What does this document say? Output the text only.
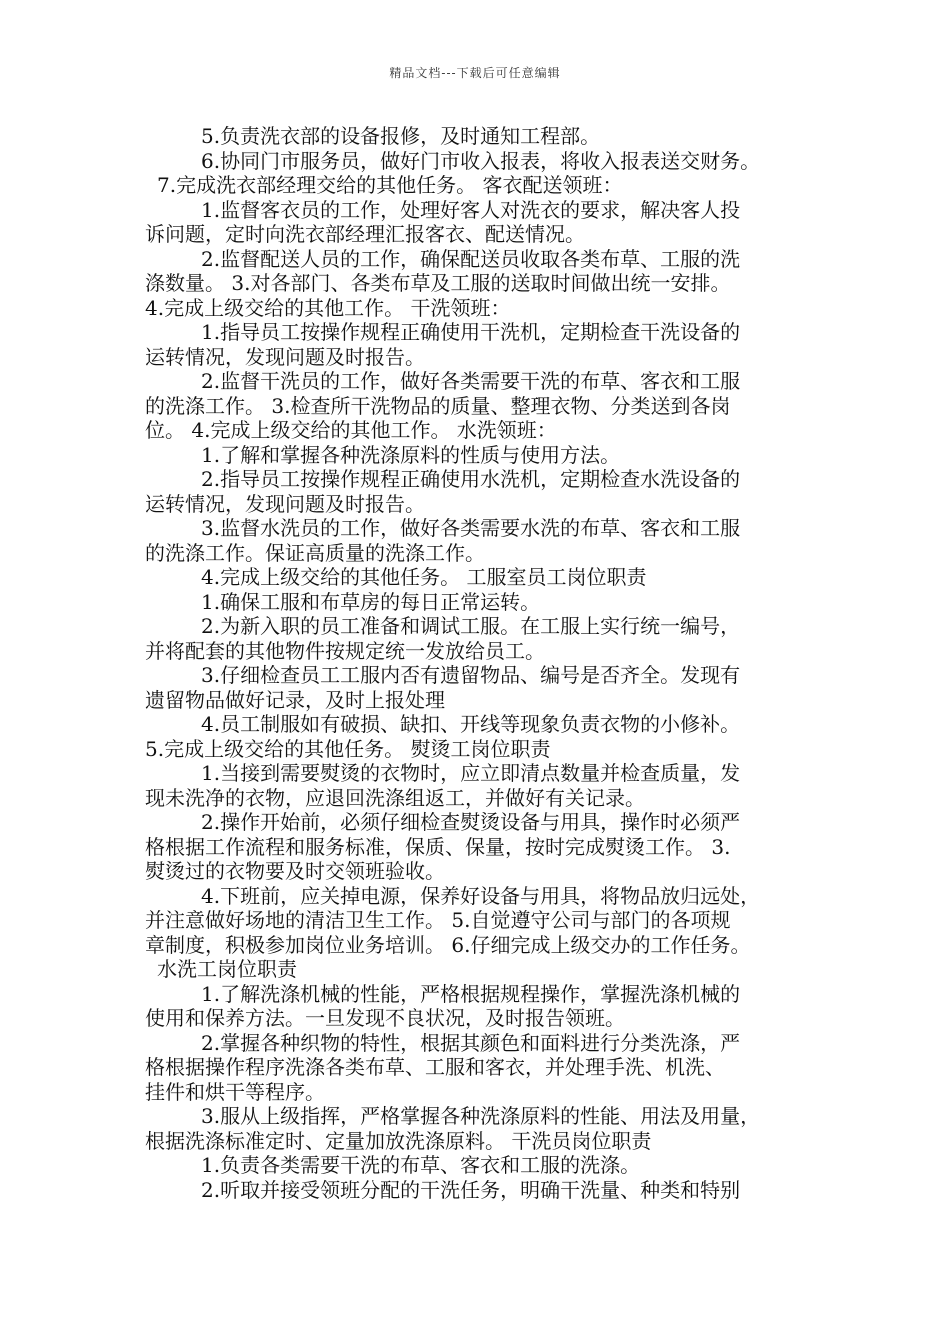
精品文档---下载后可任意编辑
5.负责洗衣部的设备报修，及时通知工程部。
6.协同门市服务员，做好门市收入报表，将收入报表送交财务。
7.完成洗衣部经理交给的其他任务。 客衣配送领班：
1.监督客衣员的工作，处理好客人对洗衣的要求，解决客人投
诉问题，定时向洗衣部经理汇报客衣、配送情况。
2.监督配送人员的工作，确保配送员收取各类布草、工服的洗
涤数量。 3.对各部门、各类布草及工服的送取时间做出统一安排。
4.完成上级交给的其他工作。 干洗领班：
1.指导员工按操作规程正确使用干洗机，定期检查干洗设备的
运转情况，发现问题及时报告。
2.监督干洗员的工作，做好各类需要干洗的布草、客衣和工服
的洗涤工作。 3.检查所干洗物品的质量、整理衣物、分类送到各岗
位。 4.完成上级交给的其他工作。 水洗领班：
1.了解和掌握各种洗涤原料的性质与使用方法。
2.指导员工按操作规程正确使用水洗机，定期检查水洗设备的
运转情况，发现问题及时报告。
3.监督水洗员的工作，做好各类需要水洗的布草、客衣和工服
的洗涤工作。保证高质量的洗涤工作。
4.完成上级交给的其他任务。 工服室员工岗位职责
1.确保工服和布草房的每日正常运转。
2.为新入职的员工准备和调试工服。在工服上实行统一编号，
并将配套的其他物件按规定统一发放给员工。
3.仔细检查员工工服内否有遗留物品、编号是否齐全。发现有
遗留物品做好记录，及时上报处理
4.员工制服如有破损、缺扣、开线等现象负责衣物的小修补。
5.完成上级交给的其他任务。 熨烫工岗位职责
1.当接到需要熨烫的衣物时，应立即清点数量并检查质量，发
现未洗净的衣物，应退回洗涤组返工，并做好有关记录。
2.操作开始前，必须仔细检查熨烫设备与用具，操作时必须严
格根据工作流程和服务标准，保质、保量，按时完成熨烫工作。 3.
熨烫过的衣物要及时交领班验收。
4.下班前，应关掉电源，保养好设备与用具，将物品放归远处，
并注意做好场地的清洁卫生工作。 5.自觉遵守公司与部门的各项规
章制度，积极参加岗位业务培训。 6.仔细完成上级交办的工作任务。
水洗工岗位职责
1.了解洗涤机械的性能，严格根据规程操作，掌握洗涤机械的
使用和保养方法。一旦发现不良状况，及时报告领班。
2.掌握各种织物的特性，根据其颜色和面料进行分类洗涤，严
格根据操作程序洗涤各类布草、工服和客衣，并处理手洗、机洗、
挂件和烘干等程序。
3.服从上级指挥，严格掌握各种洗涤原料的性能、用法及用量，
根据洗涤标准定时、定量加放洗涤原料。 干洗员岗位职责
1.负责各类需要干洗的布草、客衣和工服的洗涤。
2.听取并接受领班分配的干洗任务，明确干洗量、种类和特别
